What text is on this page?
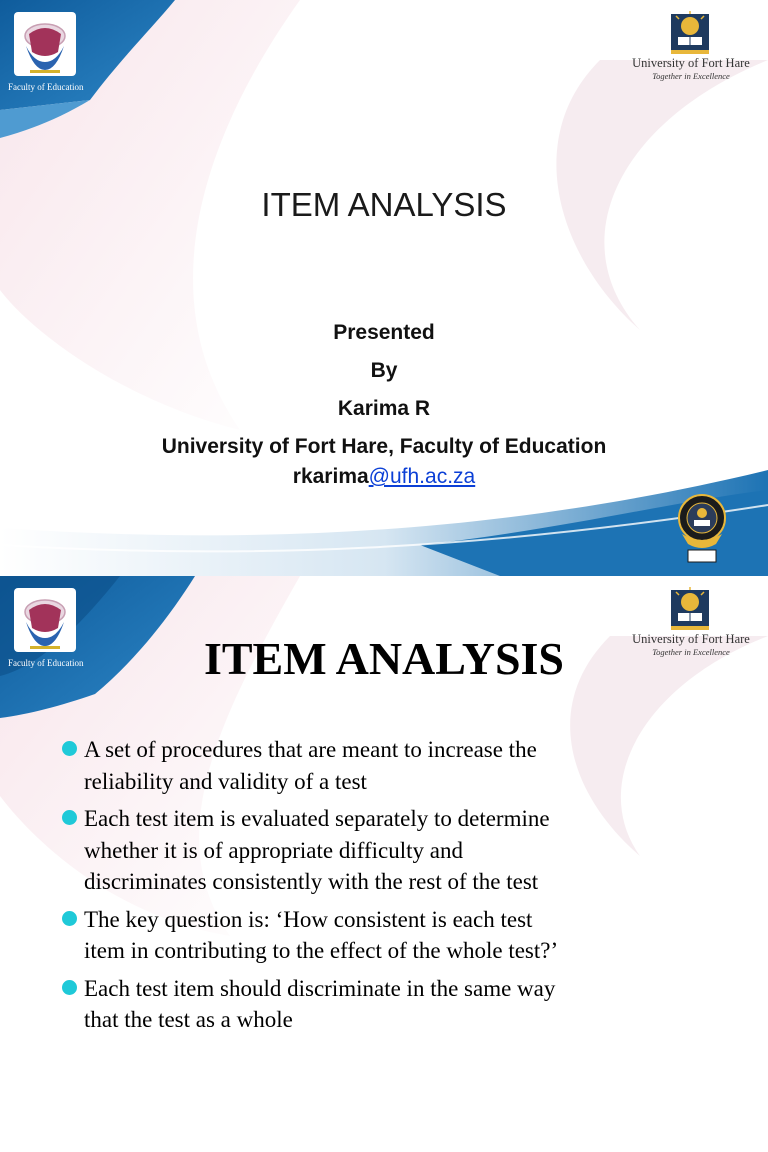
Faculty of Education
University of Fort Hare
Together in Excellence
ITEM ANALYSIS
Presented
By
Karima R
University of Fort Hare, Faculty of Education
rkarima@ufh.ac.za
Faculty of Education
University of Fort Hare
Together in Excellence
ITEM ANALYSIS
A set of procedures that are meant to increase the
reliability and validity of a test
Each test item is evaluated separately to determine
whether it is of appropriate difficulty and
discriminates consistently with the rest of the test
The key question is: ‘How consistent is each test
item in contributing to the effect of the whole test?’
Each test item should discriminate in the same way
that the test as a whole
